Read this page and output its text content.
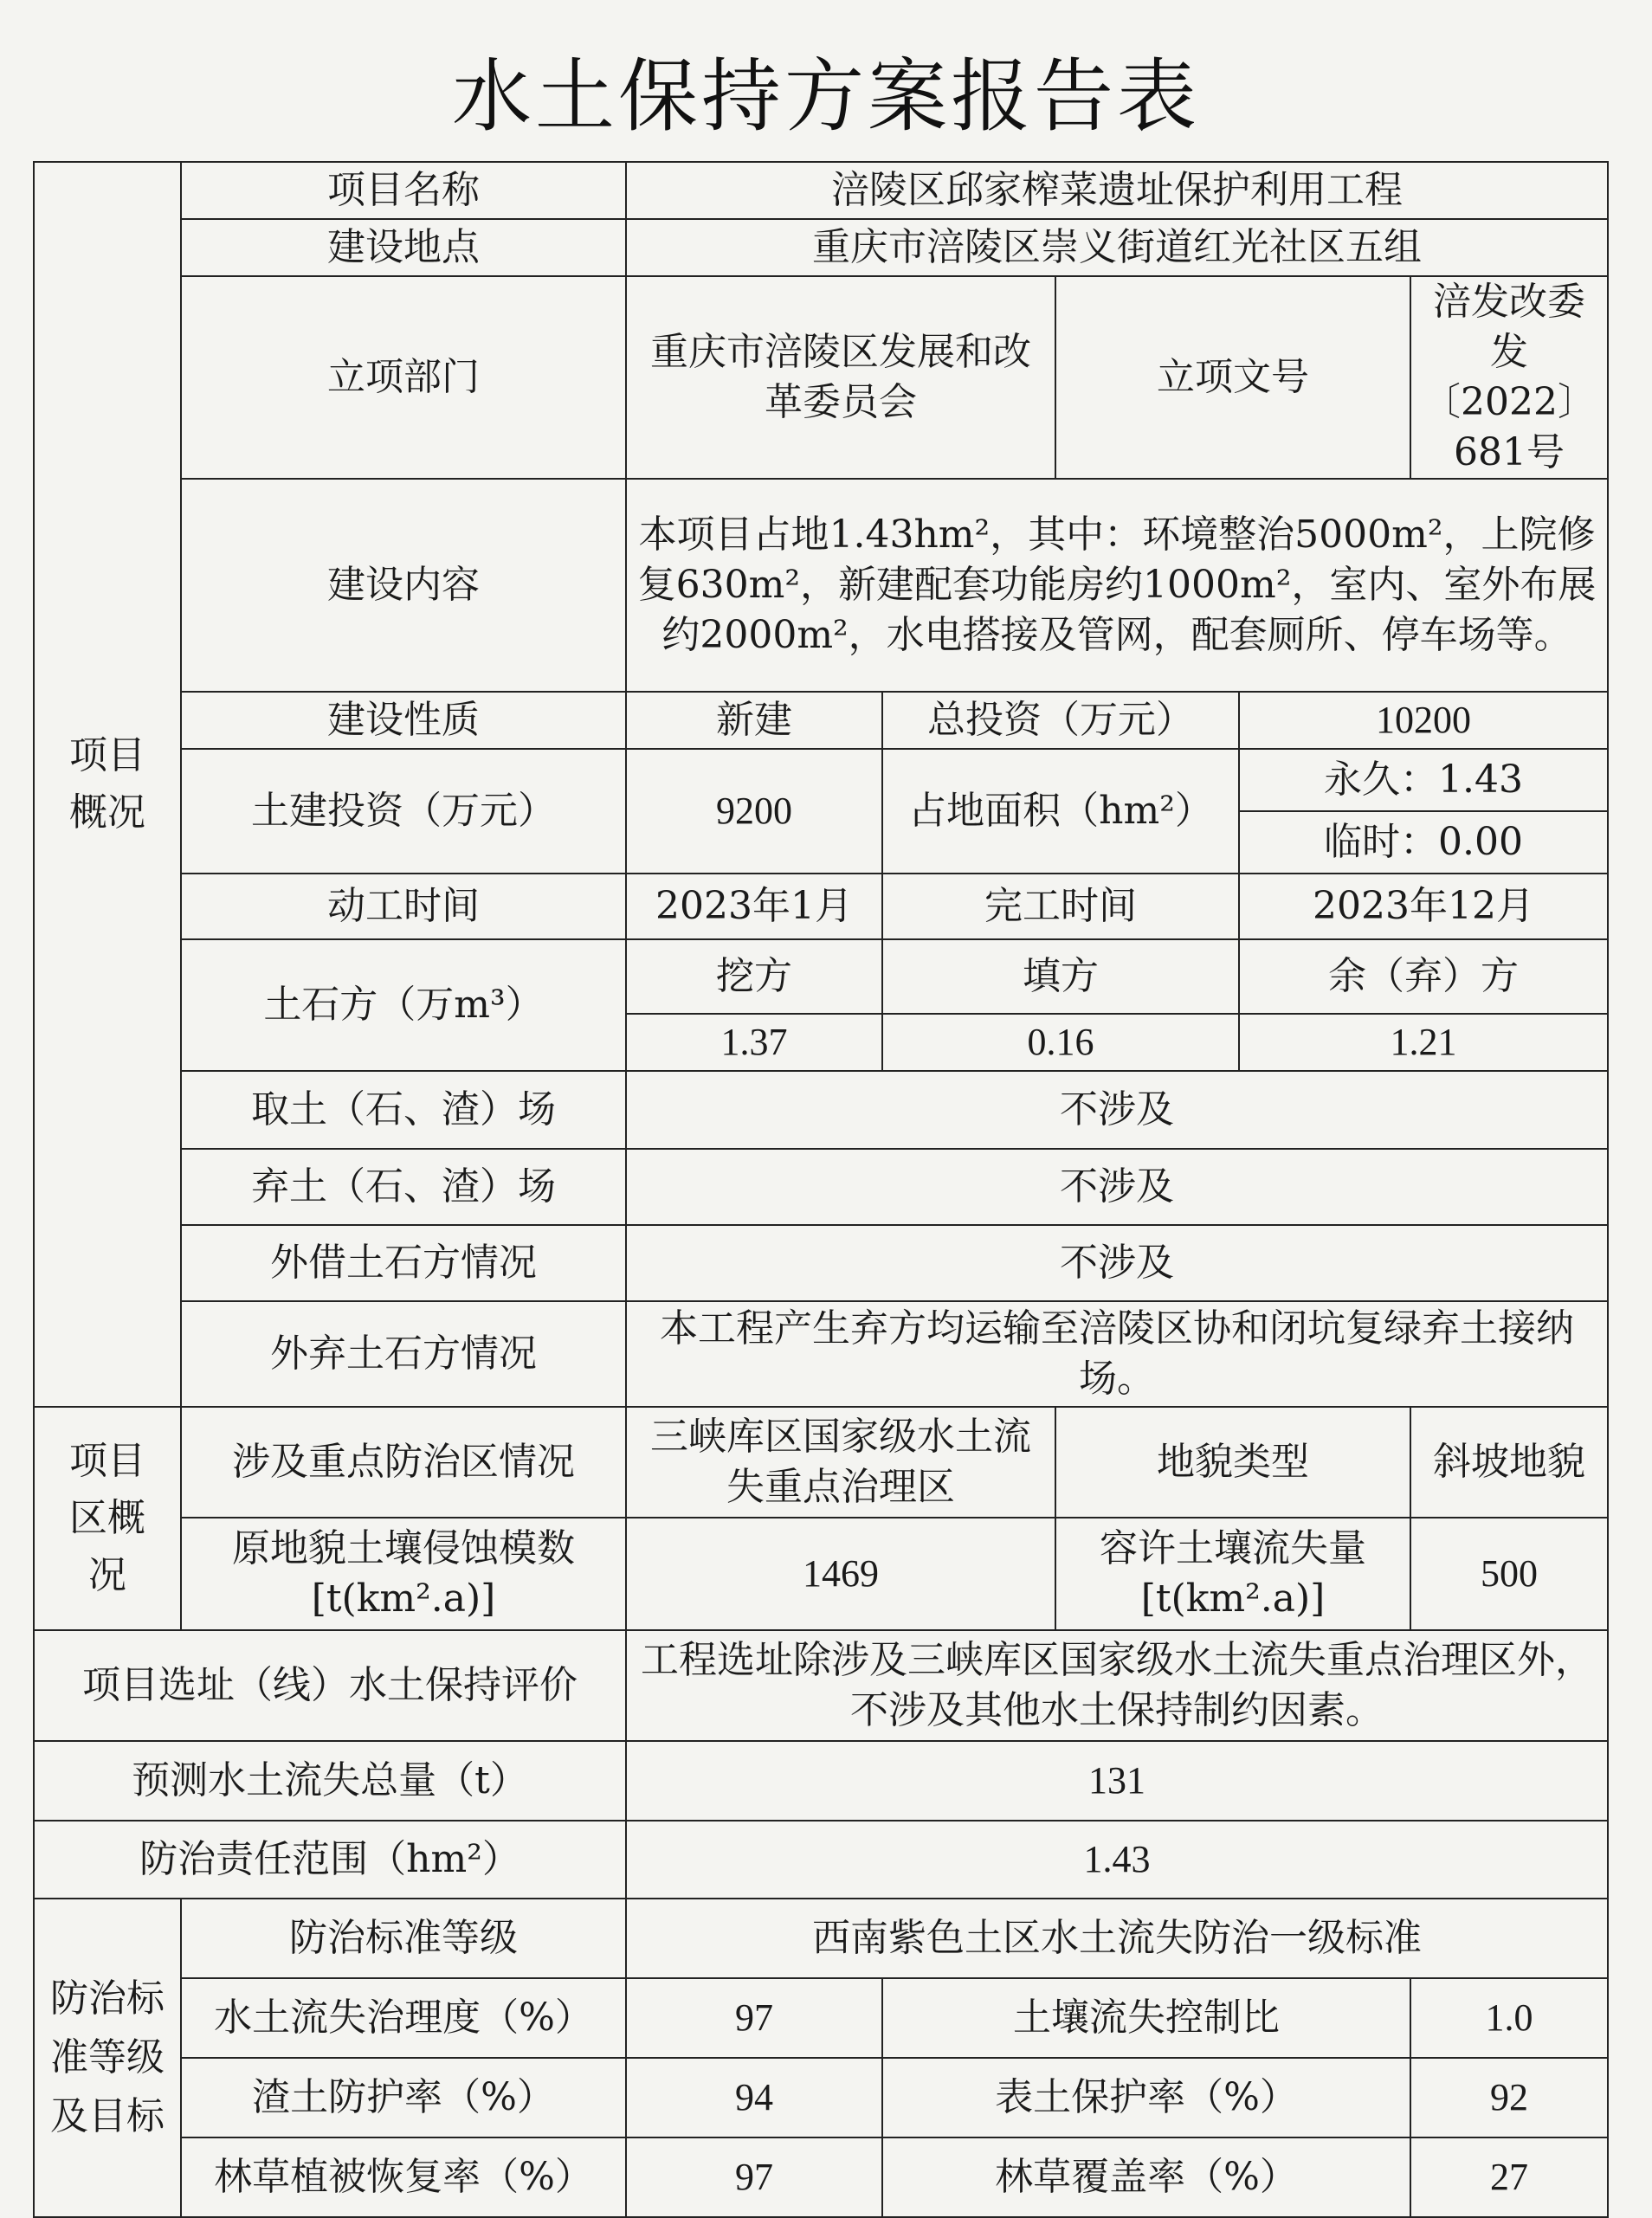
水土保持方案报告表
项目概况	项目名称	涪陵区邱家榨菜遗址保护利用工程				
	建设地点	重庆市涪陵区崇义街道红光社区五组				
	立项部门	重庆市涪陵区发展和改革委员会		立项文号		涪发改委发〔2022〕681号
	建设内容	本项目占地1.43hm²，其中：环境整治5000m²，上院修复630m²，新建配套功能房约1000m²，室内、室外布展约2000m²，水电搭接及管网，配套厕所、停车场等。				
	建设性质	新建	总投资（万元）		10200	
	土建投资（万元）	9200	占地面积（hm²）		永久：1.43	
					临时：0.00	
	动工时间	2023年1月	完工时间		2023年12月	
	土石方（万m³）	挖方	填方		余（弃）方	
		1.37	0.16		1.21	
	取土（石、渣）场	不涉及				
	弃土（石、渣）场	不涉及				
	外借土石方情况	不涉及				
	外弃土石方情况	本工程产生弃方均运输至涪陵区协和闭坑复绿弃土接纳场。				

项目区概况	涉及重点防治区情况	三峡库区国家级水土流失重点治理区		地貌类型		斜坡地貌
	原地貌土壤侵蚀模数[t(km².a)]	1469		容许土壤流失量[t(km².a)]		500
项目选址（线）水土保持评价		工程选址除涉及三峡库区国家级水土流失重点治理区外，不涉及其他水土保持制约因素。				
预测水土流失总量（t）		131				
防治责任范围（hm²）		1.43				
防治标准等级及目标	防治标准等级	西南紫色土区水土流失防治一级标准				
	水土流失治理度（%）	97	土壤流失控制比			1.0
	渣土防护率（%）	94	表土保护率（%）			92
	林草植被恢复率（%）	97	林草覆盖率（%）			27
